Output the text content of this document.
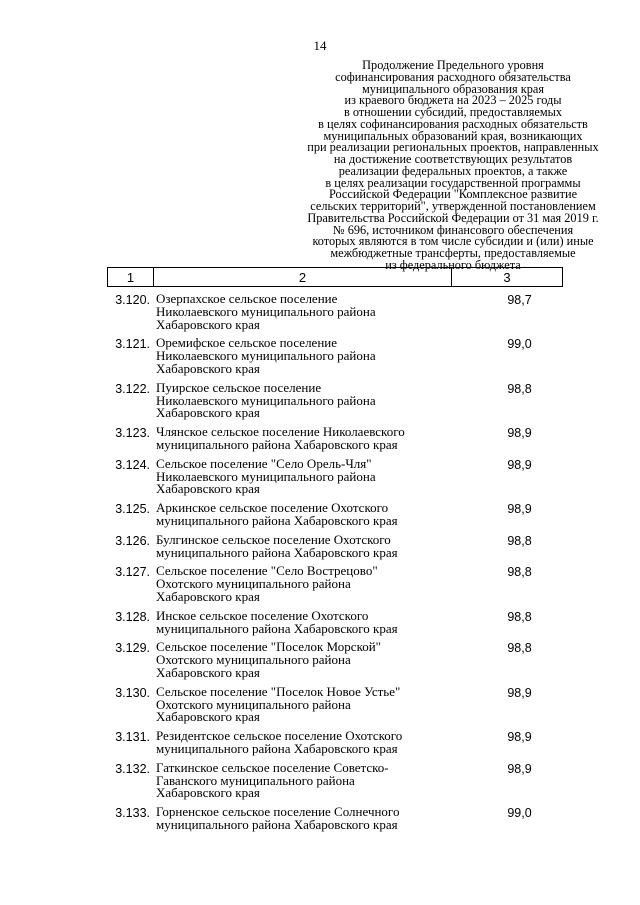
14
Продолжение Предельного уровня
софинансирования расходного обязательства
муниципального образования края
из краевого бюджета на 2023 – 2025 годы
в отношении субсидий, предоставляемых
в целях софинансирования расходных обязательств
муниципальных образований края, возникающих
при реализации региональных проектов, направленных
на достижение соответствующих результатов
реализации федеральных проектов, а также
в целях реализации государственной программы
Российской Федерации "Комплексное развитие
сельских территорий", утвержденной постановлением
Правительства Российской Федерации от 31 мая 2019 г.
№ 696, источником финансового обеспечения
которых являются в том числе субсидии и (или) иные
межбюджетные трансферты, предоставляемые
из федерального бюджета
1	2	3
3.120. Озерпахское сельское поселение
Николаевского муниципального района
Хабаровского края
98,7
3.121. Оремифское сельское поселение
Николаевского муниципального района
Хабаровского края
99,0
3.122. Пуирское сельское поселение
Николаевского муниципального района
Хабаровского края
98,8
3.123. Члянское сельское поселение Николаевского
муниципального района Хабаровского края
98,9
3.124. Сельское поселение "Село Орель-Чля"
Николаевского муниципального района
Хабаровского края
98,9
3.125. Аркинское сельское поселение Охотского
муниципального района Хабаровского края
98,9
3.126. Булгинское сельское поселение Охотского
муниципального района Хабаровского края
98,8
3.127. Сельское поселение "Село Вострецово"
Охотского муниципального района
Хабаровского края
98,8
3.128. Инское сельское поселение Охотского
муниципального района Хабаровского края
98,8
3.129. Сельское поселение "Поселок Морской"
Охотского муниципального района
Хабаровского края
98,8
3.130. Сельское поселение "Поселок Новое Устье"
Охотского муниципального района
Хабаровского края
98,9
3.131. Резидентское сельское поселение Охотского
муниципального района Хабаровского края
98,9
3.132. Гаткинское сельское поселение Советско-
Гаванского муниципального района
Хабаровского края
98,9
3.133. Горненское сельское поселение Солнечного
муниципального района Хабаровского края
99,0
